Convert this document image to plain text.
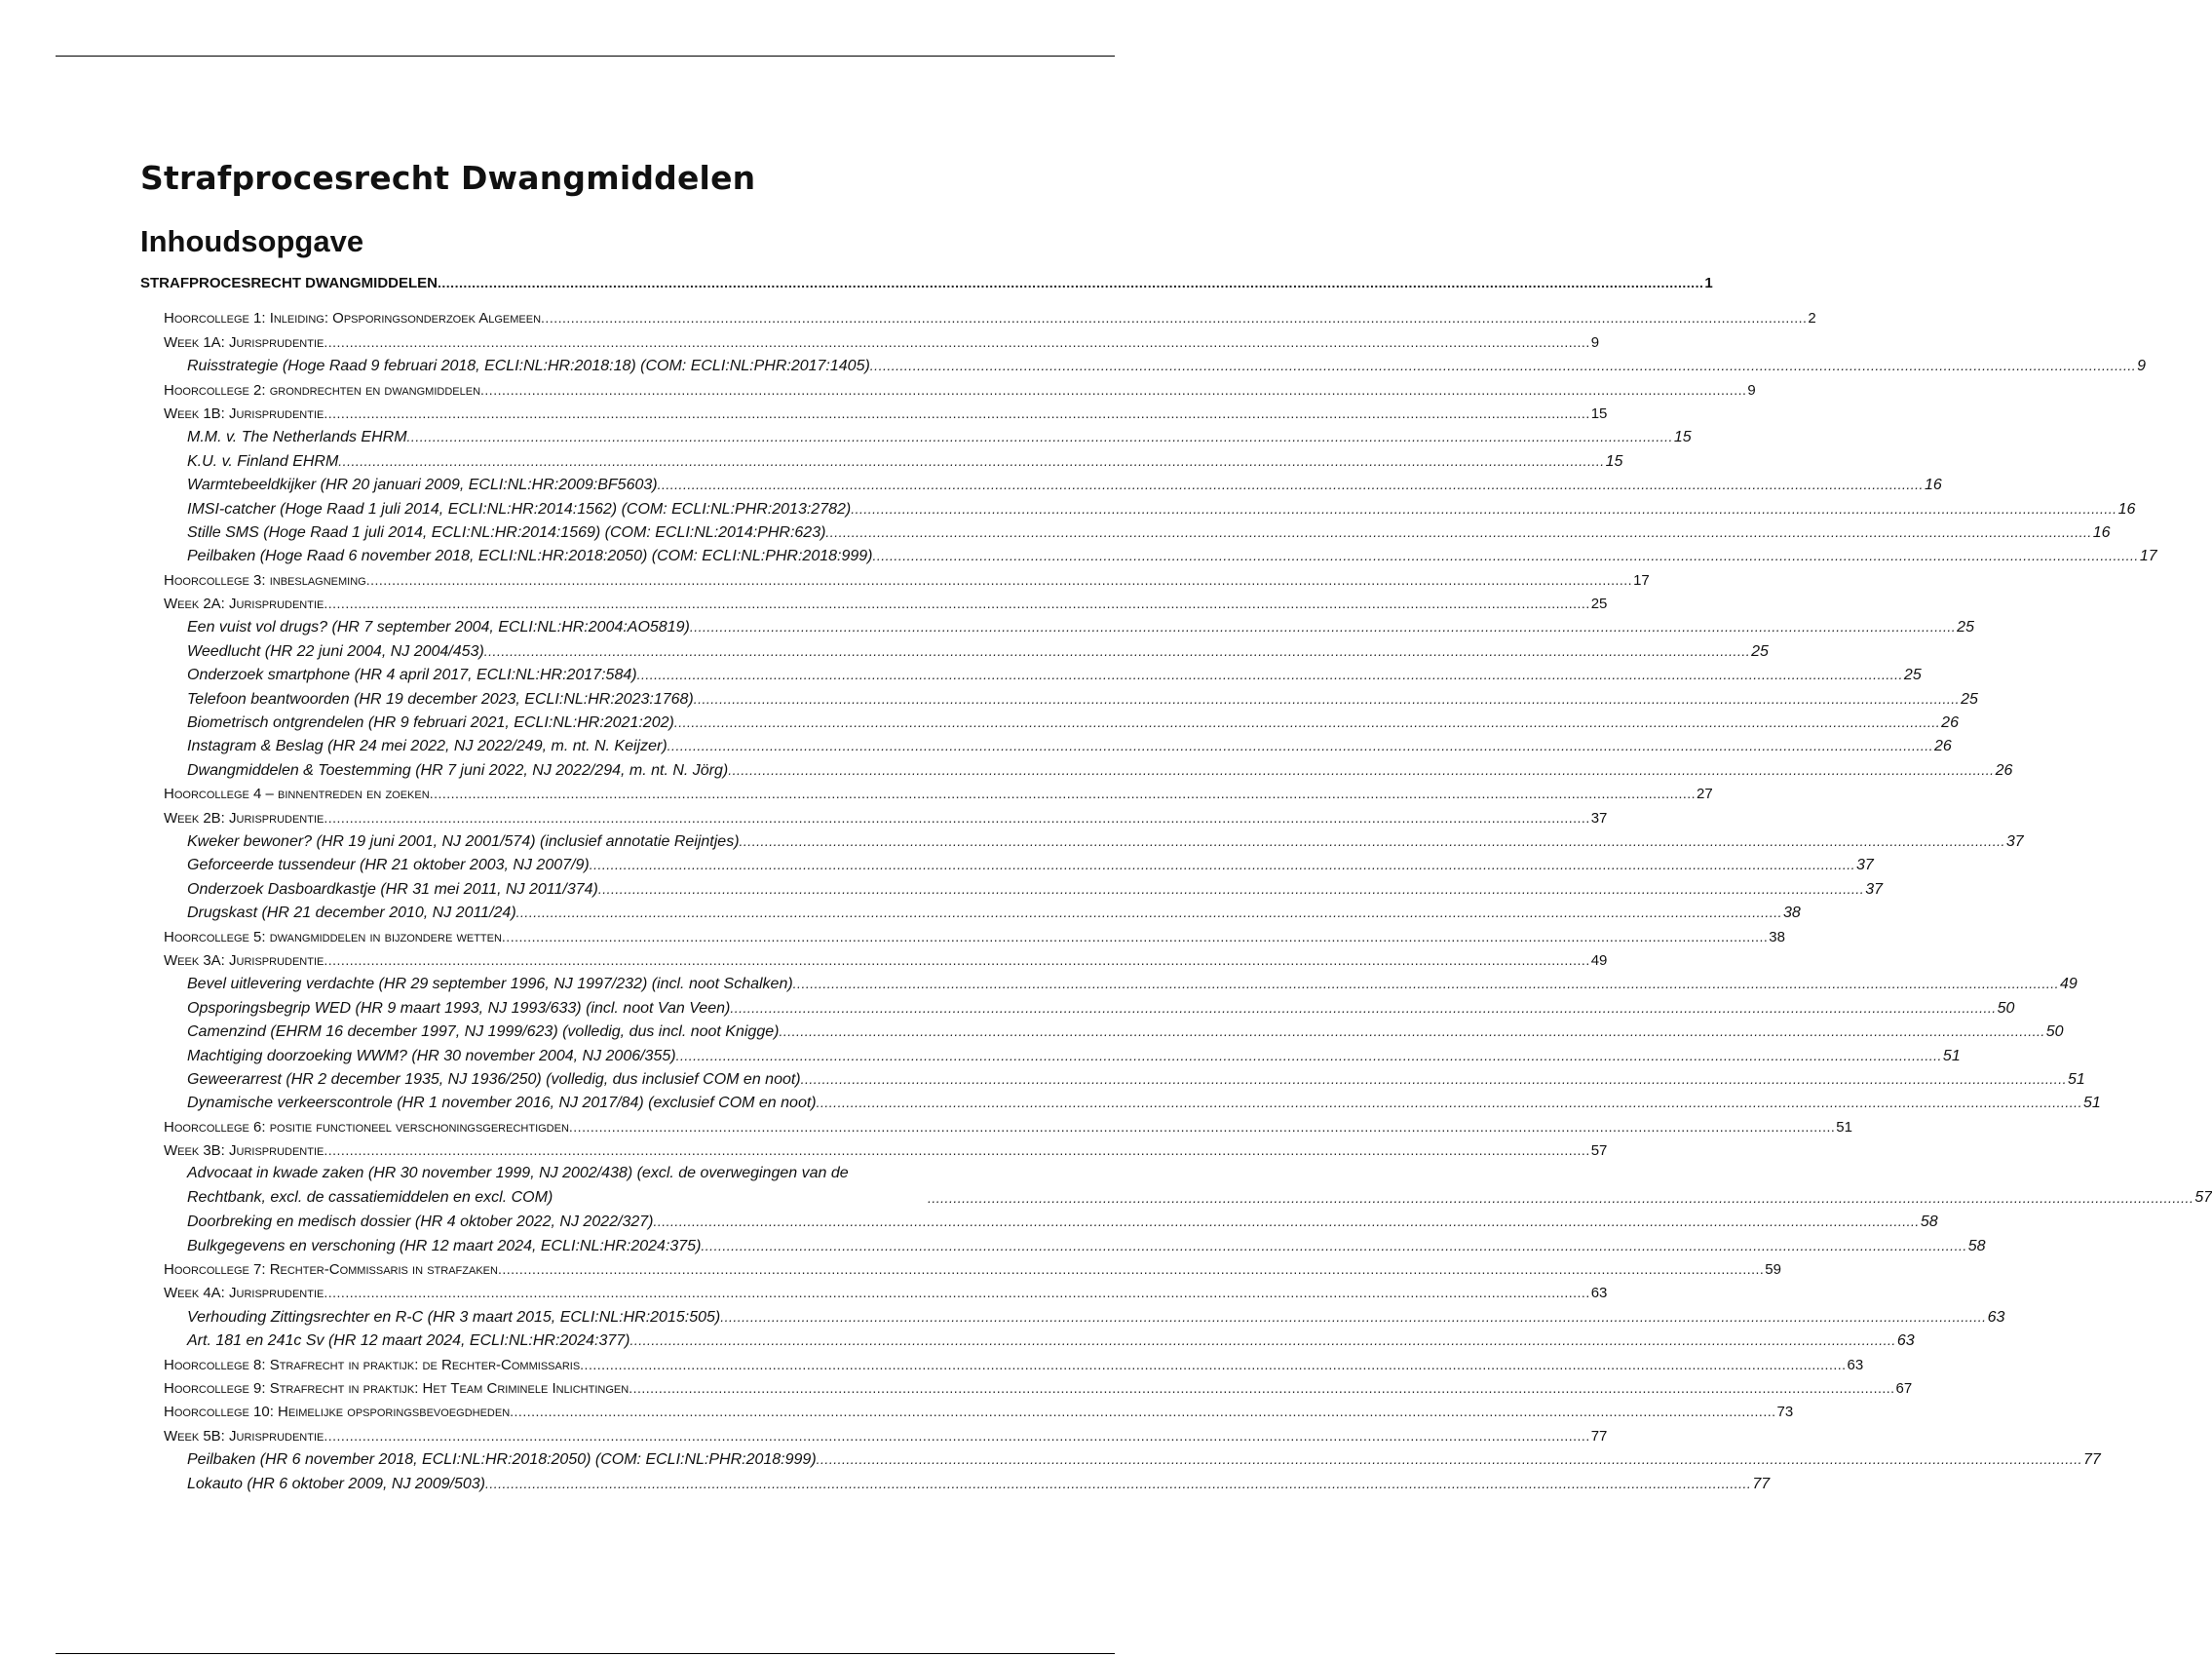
Strafprocesrecht Dwangmiddelen
Inhoudsopgave
STRAFPROCESRECHT DWANGMIDDELEN .....	1
Hoorcollege 1: Inleiding: Opsporingsonderzoek Algemeen .....	2
Week 1A: Jurisprudentie .....	9
Ruisstrategie (Hoge Raad 9 februari 2018, ECLI:NL:HR:2018:18) (COM: ECLI:NL:PHR:2017:1405) .....	9
Hoorcollege 2: grondrechten en dwangmiddelen .....	9
Week 1B: Jurisprudentie .....	15
M.M. v. The Netherlands EHRM .....	15
K.U. v. Finland EHRM .....	15
Warmtebeeldkijker (HR 20 januari 2009, ECLI:NL:HR:2009:BF5603) .....	16
IMSI-catcher (Hoge Raad 1 juli 2014, ECLI:NL:HR:2014:1562) (COM: ECLI:NL:PHR:2013:2782) .....	16
Stille SMS (Hoge Raad 1 juli 2014, ECLI:NL:HR:2014:1569) (COM: ECLI:NL:2014:PHR:623) .....	16
Peilbaken (Hoge Raad 6 november 2018, ECLI:NL:HR:2018:2050) (COM: ECLI:NL:PHR:2018:999) .....	17
Hoorcollege 3: inbeslagneming .....	17
Week 2A: Jurisprudentie .....	25
Een vuist vol drugs? (HR 7 september 2004, ECLI:NL:HR:2004:AO5819) .....	25
Weedlucht (HR 22 juni 2004, NJ 2004/453) .....	25
Onderzoek smartphone (HR 4 april 2017, ECLI:NL:HR:2017:584) .....	25
Telefoon beantwoorden (HR 19 december 2023, ECLI:NL:HR:2023:1768) .....	25
Biometrisch ontgrendelen (HR 9 februari 2021, ECLI:NL:HR:2021:202) .....	26
Instagram & Beslag (HR 24 mei 2022, NJ 2022/249, m. nt. N. Keijzer) .....	26
Dwangmiddelen & Toestemming (HR 7 juni 2022, NJ 2022/294, m. nt. N. Jörg) .....	26
Hoorcollege 4 – binnentreden en zoeken .....	27
Week 2B: Jurisprudentie .....	37
Kweker bewoner? (HR 19 juni 2001, NJ 2001/574) (inclusief annotatie Reijntjes) .....	37
Geforceerde tussendeur (HR 21 oktober 2003, NJ 2007/9) .....	37
Onderzoek Dasboardkastje (HR 31 mei 2011, NJ 2011/374) .....	37
Drugskast (HR 21 december 2010, NJ 2011/24) .....	38
Hoorcollege 5: dwangmiddelen in bijzondere wetten .....	38
Week 3A: Jurisprudentie .....	49
Bevel uitlevering verdachte (HR 29 september 1996, NJ 1997/232) (incl. noot Schalken) .....	49
Opsporingsbegrip WED (HR 9 maart 1993, NJ 1993/633) (incl. noot Van Veen) .....	50
Camenzind (EHRM 16 december 1997, NJ 1999/623) (volledig, dus incl. noot Knigge) .....	50
Machtiging doorzoeking WWM? (HR 30 november 2004, NJ 2006/355) .....	51
Geweerarrest (HR 2 december 1935, NJ 1936/250) (volledig, dus inclusief COM en noot) .....	51
Dynamische verkeerscontrole (HR 1 november 2016, NJ 2017/84) (exclusief COM en noot) .....	51
Hoorcollege 6: positie functioneel verschoningsgerechtigden .....	51
Week 3B: Jurisprudentie .....	57
Advocaat in kwade zaken (HR 30 november 1999, NJ 2002/438) (excl. de overwegingen van de Rechtbank, excl. de cassatiemiddelen en excl. COM) .....	57
Doorbreking en medisch dossier (HR 4 oktober 2022, NJ 2022/327) .....	58
Bulkgegevens en verschoning (HR 12 maart 2024, ECLI:NL:HR:2024:375) .....	58
Hoorcollege 7: Rechter-Commissaris in strafzaken .....	59
Week 4A: Jurisprudentie .....	63
Verhouding Zittingsrechter en R-C (HR 3 maart 2015, ECLI:NL:HR:2015:505) .....	63
Art. 181 en 241c Sv (HR 12 maart 2024, ECLI:NL:HR:2024:377) .....	63
Hoorcollege 8: Strafrecht in praktijk: de Rechter-Commissaris .....	63
Hoorcollege 9: Strafrecht in praktijk: Het Team Criminele Inlichtingen .....	67
Hoorcollege 10: Heimelijke opsporingsbevoegdheden .....	73
Week 5B: Jurisprudentie .....	77
Peilbaken (HR 6 november 2018, ECLI:NL:HR:2018:2050) (COM: ECLI:NL:PHR:2018:999) .....	77
Lokauto (HR 6 oktober 2009, NJ 2009/503) .....	77
